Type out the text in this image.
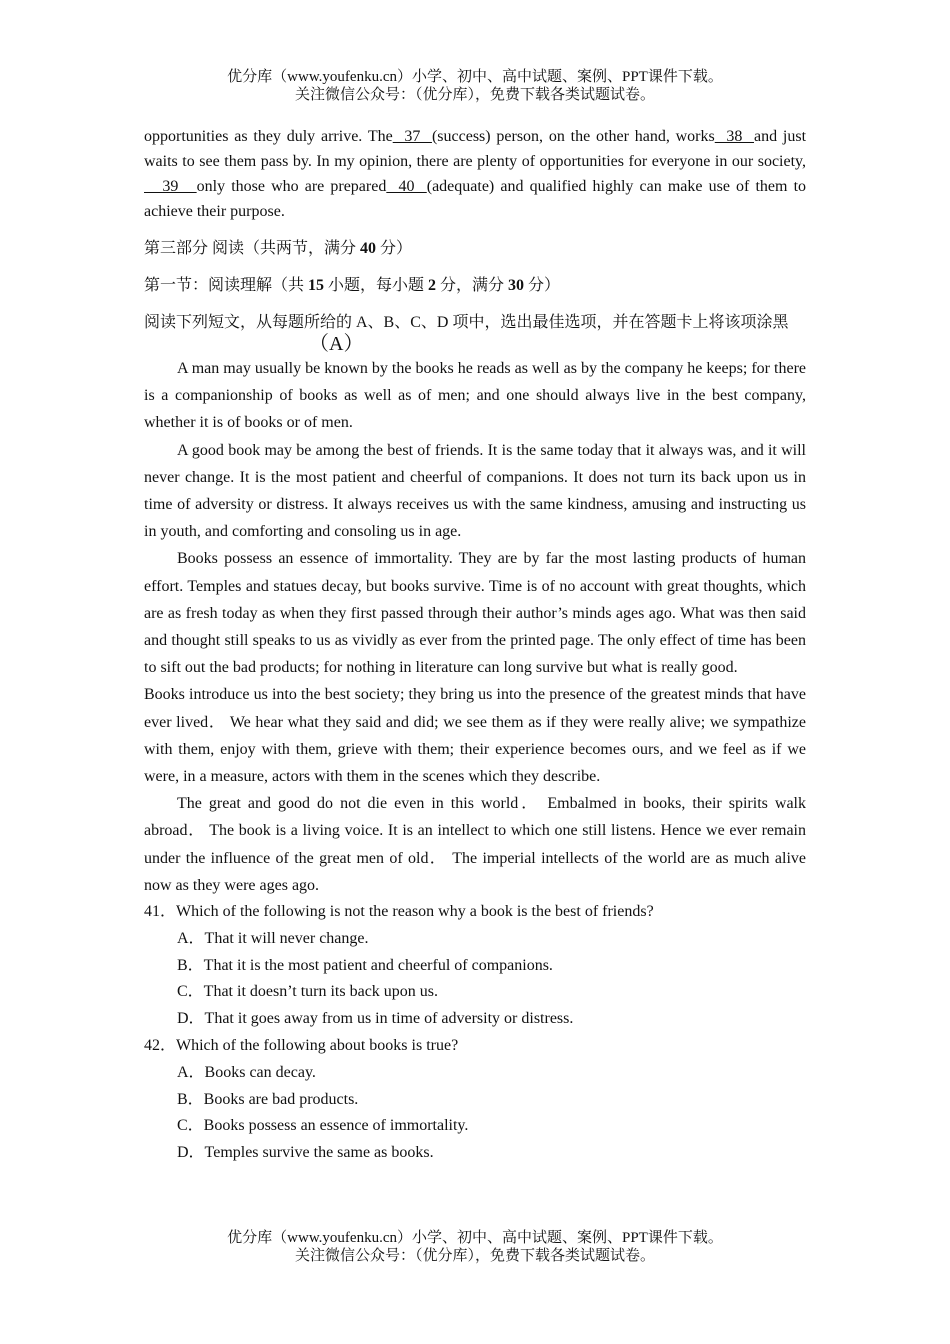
优分库（www.youfenku.cn）小学、初中、高中试题、案例、PPT课件下载。
关注微信公众号：（优分库），免费下载各类试题试卷。
opportunities as they duly arrive. The  37  (success) person, on the other hand, works  38  and just waits to see them pass by. In my opinion, there are plenty of opportunities for everyone in our society,   39   only those who are prepared  40  (adequate) and qualified highly can make use of them to achieve their purpose.
第三部分 阅读（共两节，满分 40 分）
第一节：阅读理解（共 15 小题，每小题 2 分，满分 30 分）
阅读下列短文，从每题所给的 A、B、C、D 项中，选出最佳选项，并在答题卡上将该项涂黑
（A）
A man may usually be known by the books he reads as well as by the company he keeps; for there is a companionship of books as well as of men; and one should always live in the best company, whether it is of books or of men.
A good book may be among the best of friends. It is the same today that it always was, and it will never change. It is the most patient and cheerful of companions. It does not turn its back upon us in time of adversity or distress. It always receives us with the same kindness, amusing and instructing us in youth, and comforting and consoling us in age.
Books possess an essence of immortality. They are by far the most lasting products of human effort. Temples and statues decay, but books survive. Time is of no account with great thoughts, which are as fresh today as when they first passed through their author’s minds ages ago. What was then said and thought still speaks to us as vividly as ever from the printed page. The only effect of time has been to sift out the bad products; for nothing in literature can long survive but what is really good.
Books introduce us into the best society; they bring us into the presence of the greatest minds that have ever lived． We hear what they said and did; we see them as if they were really alive; we sympathize with them, enjoy with them, grieve with them; their experience becomes ours, and we feel as if we were, in a measure, actors with them in the scenes which they describe.
The great and good do not die even in this world． Embalmed in books, their spirits walk abroad． The book is a living voice. It is an intellect to which one still listens. Hence we ever remain under the influence of the great men of old． The imperial intellects of the world are as much alive now as they were ages ago.
41．Which of the following is not the reason why a book is the best of friends?
A．That it will never change.
B．That it is the most patient and cheerful of companions.
C．That it doesn’t turn its back upon us.
D．That it goes away from us in time of adversity or distress.
42．Which of the following about books is true?
A．Books can decay.
B．Books are bad products.
C．Books possess an essence of immortality.
D．Temples survive the same as books.
优分库（www.youfenku.cn）小学、初中、高中试题、案例、PPT课件下载。
关注微信公众号：（优分库），免费下载各类试题试卷。
